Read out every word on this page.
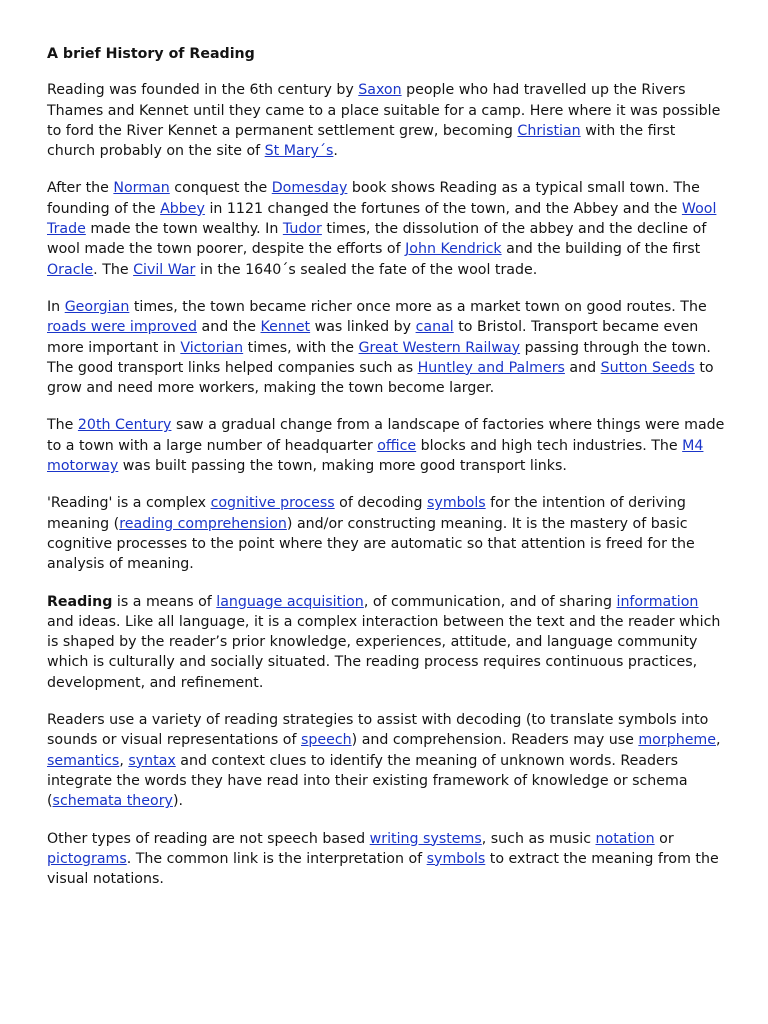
A brief History of Reading

Reading was founded in the 6th century by Saxon people who had travelled up the Rivers Thames and Kennet until they came to a place suitable for a camp. Here where it was possible to ford the River Kennet a permanent settlement grew, becoming Christian with the first church probably on the site of St Mary´s.

After the Norman conquest the Domesday book shows Reading as a typical small town. The founding of the Abbey in 1121 changed the fortunes of the town, and the Abbey and the Wool Trade made the town wealthy. In Tudor times, the dissolution of the abbey and the decline of wool made the town poorer, despite the efforts of John Kendrick and the building of the first Oracle. The Civil War in the 1640´s sealed the fate of the wool trade.

In Georgian times, the town became richer once more as a market town on good routes. The roads were improved and the Kennet was linked by canal to Bristol. Transport became even more important in Victorian times, with the Great Western Railway passing through the town. The good transport links helped companies such as Huntley and Palmers and Sutton Seeds to grow and need more workers, making the town become larger.

The 20th Century saw a gradual change from a landscape of factories where things were made to a town with a large number of headquarter office blocks and high tech industries. The M4 motorway was built passing the town, making more good transport links.

'Reading' is a complex cognitive process of decoding symbols for the intention of deriving meaning (reading comprehension) and/or constructing meaning. It is the mastery of basic cognitive processes to the point where they are automatic so that attention is freed for the analysis of meaning.

Reading is a means of language acquisition, of communication, and of sharing information and ideas. Like all language, it is a complex interaction between the text and the reader which is shaped by the reader’s prior knowledge, experiences, attitude, and language community which is culturally and socially situated. The reading process requires continuous practices, development, and refinement.

Readers use a variety of reading strategies to assist with decoding (to translate symbols into sounds or visual representations of speech) and comprehension. Readers may use morpheme, semantics, syntax and context clues to identify the meaning of unknown words. Readers integrate the words they have read into their existing framework of knowledge or schema (schemata theory).

Other types of reading are not speech based writing systems, such as music notation or pictograms. The common link is the interpretation of symbols to extract the meaning from the visual notations.
